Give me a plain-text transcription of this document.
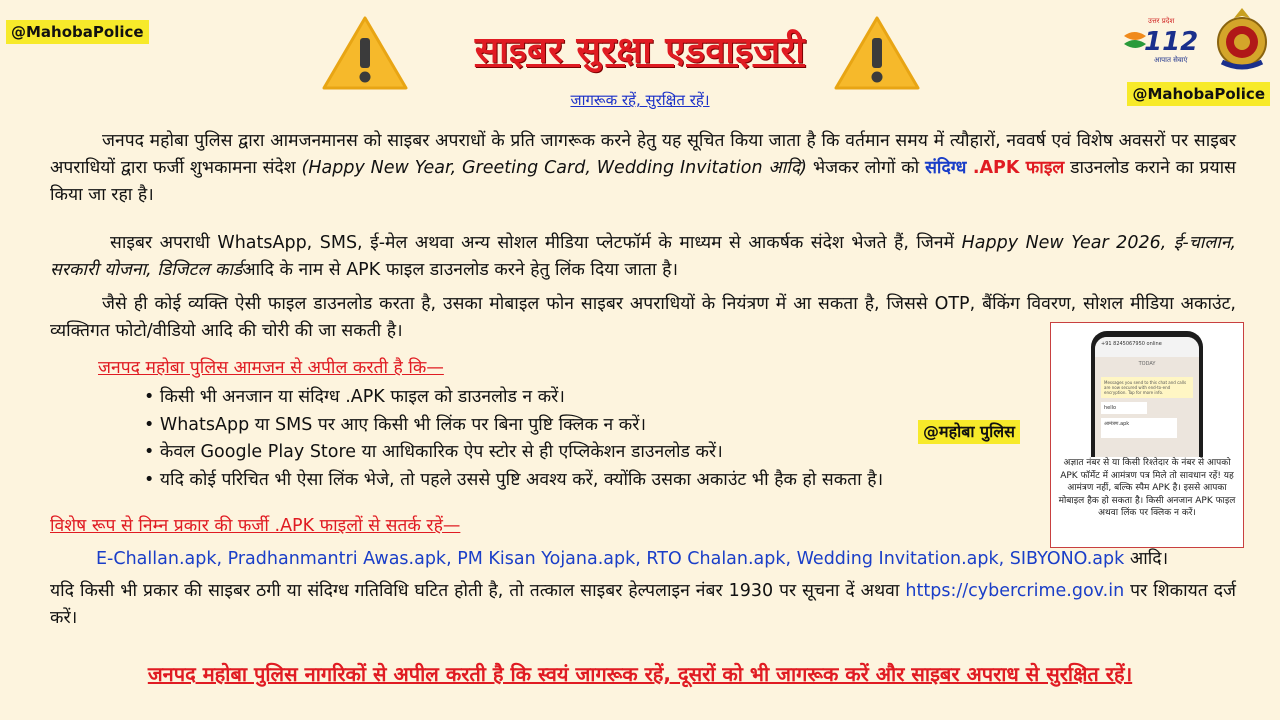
@MahobaPolice
@MahobaPolice
@महोबा पुलिस
साइबर सुरक्षा एडवाइजरी
जागरूक रहें, सुरक्षित रहें।
उत्तर प्रदेश
112
आपात सेवाएं
जनपद महोबा पुलिस द्वारा आमजनमानस को साइबर अपराधों के प्रति जागरूक करने हेतु यह सूचित किया जाता है कि वर्तमान समय में त्यौहारों, नववर्ष एवं विशेष अवसरों पर साइबर अपराधियों द्वारा फर्जी शुभकामना संदेश (Happy New Year, Greeting Card, Wedding Invitation आदि) भेजकर लोगों को संदिग्ध .APK फाइल डाउनलोड कराने का प्रयास किया जा रहा है।
साइबर अपराधी WhatsApp, SMS, ई-मेल अथवा अन्य सोशल मीडिया प्लेटफॉर्म के माध्यम से आकर्षक संदेश भेजते हैं, जिनमें Happy New Year 2026, ई-चालान, सरकारी योजना, डिजिटल कार्डआदि के नाम से APK फाइल डाउनलोड करने हेतु लिंक दिया जाता है।
जैसे ही कोई व्यक्ति ऐसी फाइल डाउनलोड करता है, उसका मोबाइल फोन साइबर अपराधियों के नियंत्रण में आ सकता है, जिससे OTP, बैंकिंग विवरण, सोशल मीडिया अकाउंट, व्यक्तिगत फोटो/वीडियो आदि की चोरी की जा सकती है।
जनपद महोबा पुलिस आमजन से अपील करती है कि—
• किसी भी अनजान या संदिग्ध .APK फाइल को डाउनलोड न करें।
• WhatsApp या SMS पर आए किसी भी लिंक पर बिना पुष्टि क्लिक न करें।
• केवल Google Play Store या आधिकारिक ऐप स्टोर से ही एप्लिकेशन डाउनलोड करें।
• यदि कोई परिचित भी ऐसा लिंक भेजे, तो पहले उससे पुष्टि अवश्य करें, क्योंकि उसका अकाउंट भी हैक हो सकता है।
विशेष रूप से निम्न प्रकार की फर्जी .APK फाइलों से सतर्क रहें—
E-Challan.apk, Pradhanmantri Awas.apk, PM Kisan Yojana.apk, RTO Chalan.apk, Wedding Invitation.apk, SIBYONO.apk आदि।
यदि किसी भी प्रकार की साइबर ठगी या संदिग्ध गतिविधि घटित होती है, तो तत्काल साइबर हेल्पलाइन नंबर 1930 पर सूचना दें अथवा https://cybercrime.gov.in पर शिकायत दर्ज करें।
जनपद महोबा पुलिस नागरिकों से अपील करती है कि स्वयं जागरूक रहें, दूसरों को भी जागरूक करें और साइबर अपराध से सुरक्षित रहें।
+91 8245067950 online
TODAY
Messages you send to this chat and calls are now secured with end-to-end encryption. Tap for more info.
hello
आमंत्रण.apk
अज्ञात नंबर से या किसी रिश्तेदार के नंबर से आपको APK फॉर्मेट में आमंत्रण पत्र मिले तो सावधान रहें! यह आमंत्रण नहीं, बल्कि स्पैम APK है। इससे आपका मोबाइल हैक हो सकता है। किसी अनजान APK फाइल अथवा लिंक पर क्लिक न करें।
